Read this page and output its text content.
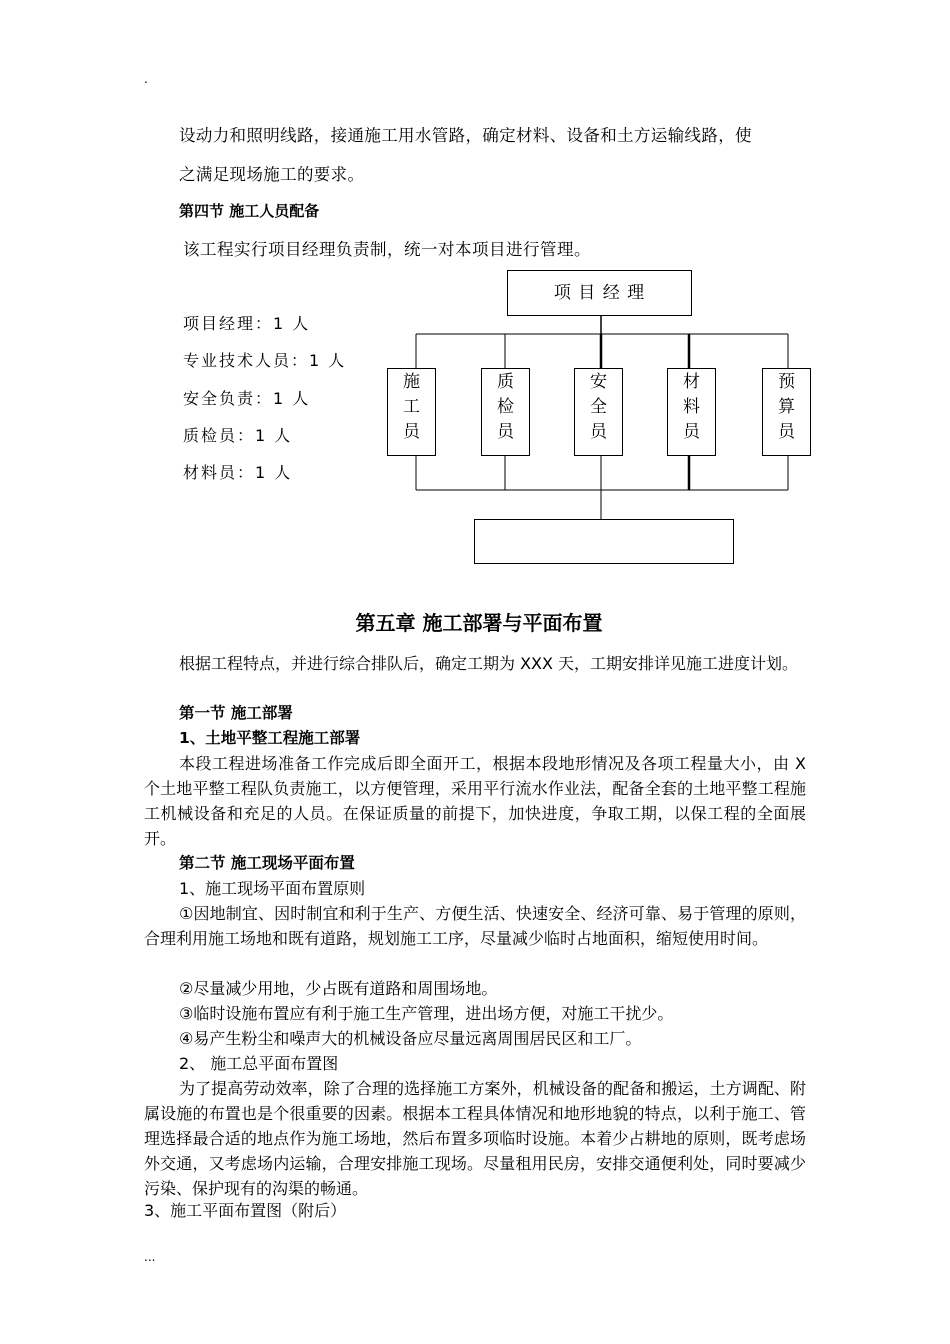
.
...
设动力和照明线路，接通施工用水管路，确定材料、设备和土方运输线路，使
之满足现场施工的要求。
第四节 施工人员配备
该工程实行项目经理负责制，统一对本项目进行管理。
项目经理：1 人
专业技术人员：1 人
安全负责：1 人
质检员：1 人
材料员：1 人
项 目 经 理
施
工
员
质
检
员
安
全
员
材
料
员
预
算
员
第五章 施工部署与平面布置
根据工程特点，并进行综合排队后，确定工期为 XXX 天，工期安排详见施工进度计划。
第一节 施工部署
1、土地平整工程施工部署
本段工程进场准备工作完成后即全面开工，根据本段地形情况及各项工程量大小，由 X 个土地平整工程队负责施工，以方便管理，采用平行流水作业法，配备全套的土地平整工程施工机械设备和充足的人员。在保证质量的前提下，加快进度，争取工期，以保工程的全面展开。
第二节 施工现场平面布置
1、施工现场平面布置原则
①因地制宜、因时制宜和利于生产、方便生活、快速安全、经济可靠、易于管理的原则，合理利用施工场地和既有道路，规划施工工序，尽量减少临时占地面积，缩短使用时间。
②尽量减少用地，少占既有道路和周围场地。
③临时设施布置应有利于施工生产管理，进出场方便，对施工干扰少。
④易产生粉尘和噪声大的机械设备应尽量远离周围居民区和工厂。
2、 施工总平面布置图
为了提高劳动效率，除了合理的选择施工方案外，机械设备的配备和搬运，土方调配、附属设施的布置也是个很重要的因素。根据本工程具体情况和地形地貌的特点，以利于施工、管理选择最合适的地点作为施工场地，然后布置多项临时设施。本着少占耕地的原则，既考虑场外交通，又考虑场内运输，合理安排施工现场。尽量租用民房，安排交通便利处，同时要减少污染、保护现有的沟渠的畅通。
3、施工平面布置图（附后）
